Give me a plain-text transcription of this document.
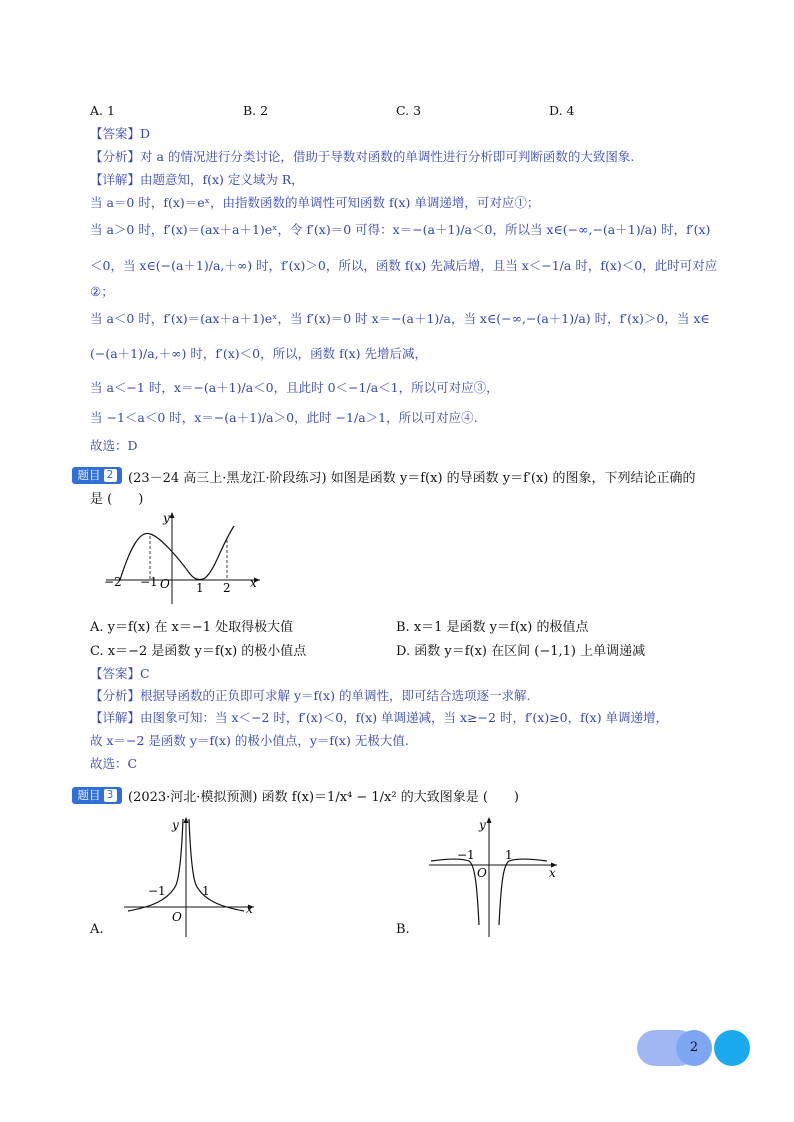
A. 1	B. 2	C. 3	D. 4
【答案】D
【分析】对 a 的情况进行分类讨论，借助于导数对函数的单调性进行分析即可判断函数的大致图象.
【详解】由题意知，f(x) 定义域为 R，
当 a＝0 时，f(x)＝eˣ，由指数函数的单调性可知函数 f(x) 单调递增，可对应①；
当 a＞0 时，f′(x)＝(ax＋a＋1)eˣ，令 f′(x)＝0 可得：x＝−(a＋1)/a＜0，所以当 x∈(−∞,−(a＋1)/a) 时，f′(x)
＜0，当 x∈(−(a＋1)/a,＋∞) 时，f′(x)＞0，所以，函数 f(x) 先减后增，且当 x＜−1/a 时，f(x)＜0，此时可对应
②；
当 a＜0 时，f′(x)＝(ax＋a＋1)eˣ，当 f′(x)＝0 时 x＝−(a＋1)/a，当 x∈(−∞,−(a＋1)/a) 时，f′(x)＞0，当 x∈
(−(a＋1)/a,＋∞) 时，f′(x)＜0，所以，函数 f(x) 先增后减，
当 a＜−1 时，x＝−(a＋1)/a＜0，且此时 0＜−1/a＜1，所以可对应③，
当 −1＜a＜0 时，x＝−(a＋1)/a＞0，此时 −1/a＞1，所以可对应④.
故选：D
题目 2	(23－24 高三上·黑龙江·阶段练习) 如图是函数 y＝f(x) 的导函数 y＝f′(x) 的图象，下列结论正确的
是 (　　)
y
x
−2 −1 O 1 2
A. y＝f(x) 在 x＝−1 处取得极大值	B. x＝1 是函数 y＝f(x) 的极值点
C. x＝−2 是函数 y＝f(x) 的极小值点	D. 函数 y＝f(x) 在区间 (−1,1) 上单调递减
【答案】C
【分析】根据导函数的正负即可求解 y＝f(x) 的单调性，即可结合选项逐一求解.
【详解】由图象可知：当 x＜−2 时，f′(x)＜0，f(x) 单调递减，当 x≥−2 时，f′(x)≥0，f(x) 单调递增，
故 x＝−2 是函数 y＝f(x) 的极小值点，y＝f(x) 无极大值.
故选：C
题目 3	(2023·河北·模拟预测) 函数 f(x)＝1/x⁴ − 1/x² 的大致图象是 (　　)
y
x
−1	1
O
A.
y
x
−1	1
O
B.
2
